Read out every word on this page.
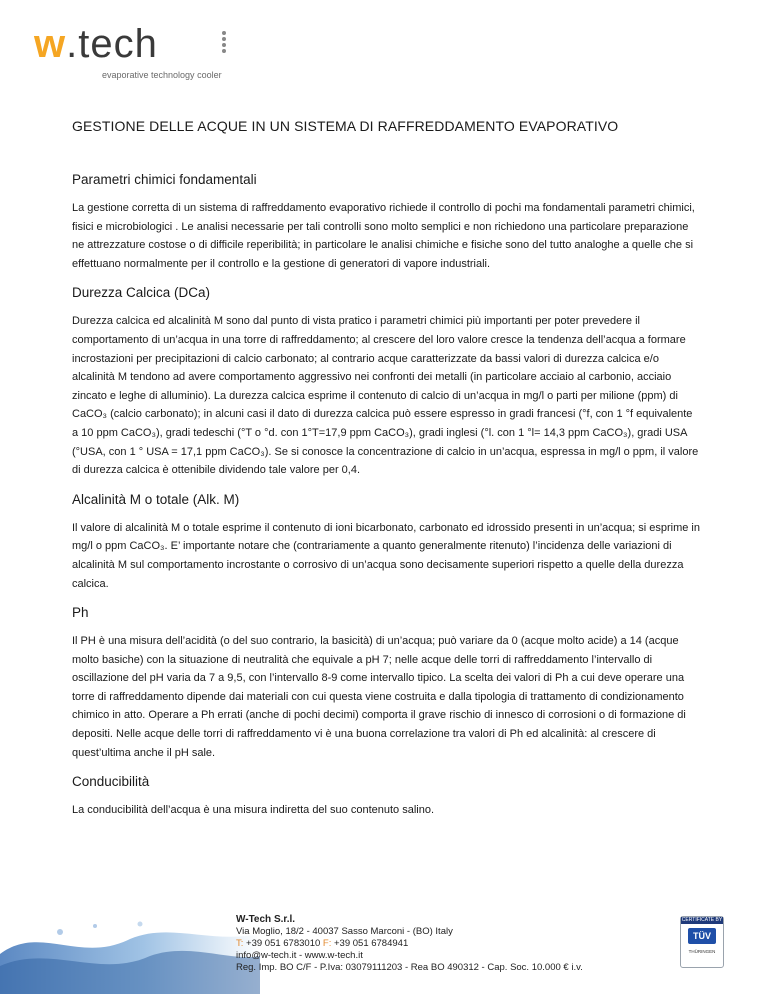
w.tech
evaporative technology cooler
GESTIONE DELLE ACQUE IN UN SISTEMA DI RAFFREDDAMENTO EVAPORATIVO
Parametri chimici fondamentali

La gestione corretta di un sistema di raffreddamento evaporativo richiede il controllo di pochi ma fondamentali parametri chimici, fisici e microbiologici . Le analisi necessarie per tali controlli sono molto semplici e non richiedono una particolare preparazione ne attrezzature costose o di difficile reperibilità; in particolare le analisi chimiche e fisiche sono del tutto analoghe a quelle che si effettuano normalmente per il controllo e la gestione di generatori di vapore industriali.

Durezza Calcica (DCa)

Durezza calcica ed alcalinità M sono dal punto di vista pratico i parametri chimici più importanti per poter prevedere il comportamento di un’acqua in una torre di raffreddamento; al crescere del loro valore cresce la tendenza dell’acqua a formare incrostazioni per precipitazioni di calcio carbonato; al contrario acque caratterizzate da bassi valori di durezza calcica e/o alcalinità M tendono ad avere comportamento aggressivo nei confronti dei metalli (in particolare acciaio al carbonio, acciaio zincato e leghe di alluminio). La durezza calcica esprime il contenuto di calcio di un’acqua in mg/l o parti per milione (ppm) di CaCO₃ (calcio carbonato); in alcuni casi il dato di durezza calcica può essere espresso in gradi francesi (°f, con 1 °f equivalente a 10 ppm CaCO₃), gradi tedeschi (°T o °d. con 1°T=17,9 ppm CaCO₃), gradi inglesi (°l. con 1 °l= 14,3 ppm CaCO₃), gradi USA (°USA, con 1 ° USA = 17,1 ppm CaCO₃). Se si conosce la concentrazione di calcio in un’acqua, espressa in mg/l o ppm, il valore di durezza calcica è ottenibile dividendo tale valore per 0,4.

Alcalinità M o totale (Alk. M)

Il valore di alcalinità M o totale esprime il contenuto di ioni bicarbonato, carbonato ed idrossido presenti in un’acqua; si esprime in mg/l o ppm CaCO₃. E’ importante notare che (contrariamente a quanto generalmente ritenuto) l’incidenza delle variazioni di alcalinità M sul comportamento incrostante o corrosivo di un’acqua sono decisamente superiori rispetto a quelle della durezza calcica.

Ph

Il PH è una misura dell’acidità (o del suo contrario, la basicità) di un’acqua; può variare da 0 (acque molto acide) a 14 (acque molto basiche) con la situazione di neutralità che equivale a pH 7; nelle acque delle torri di raffreddamento l’intervallo di oscillazione del pH varia da 7 a 9,5, con l’intervallo 8-9 come intervallo tipico. La scelta dei valori di Ph a cui deve operare una torre di raffreddamento dipende dai materiali con cui questa viene costruita e dalla tipologia di trattamento di condizionamento chimico in atto. Operare a Ph errati (anche di pochi decimi) comporta il grave rischio di innesco di corrosioni o di formazione di depositi. Nelle acque delle torri di raffreddamento vi è una buona correlazione tra valori di Ph ed alcalinità: al crescere di quest’ultima anche il pH sale.

Conducibilità

La conducibilità dell’acqua è una misura indiretta del suo contenuto salino.

W-Tech S.r.l.
Via Moglio, 18/2 - 40037 Sasso Marconi - (BO) Italy
T: +39 051 6783010 F: +39 051 6784941
info@w-tech.it - www.w-tech.it
Reg. Imp. BO C/F - P.Iva: 03079111203 - Rea BO 490312 - Cap. Soc. 10.000 € i.v.
CERTIFICATE BY
TÜV
THÜRINGEN
